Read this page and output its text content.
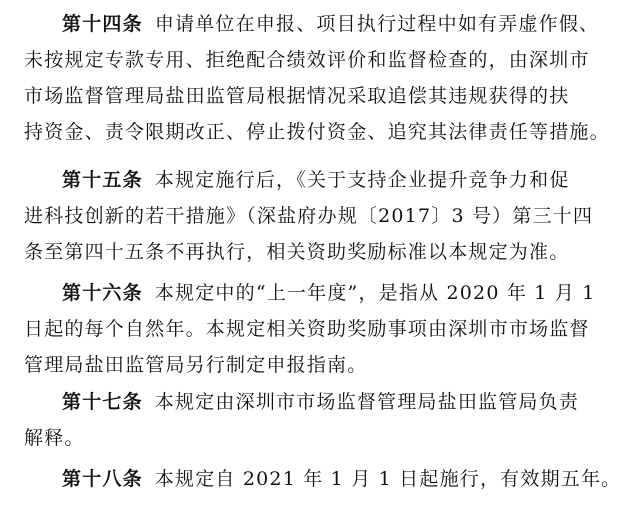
第十四条 申请单位在申报、项目执行过程中如有弄虚作假、
未按规定专款专用、拒绝配合绩效评价和监督检查的，由深圳市
市场监督管理局盐田监管局根据情况采取追偿其违规获得的扶
持资金、责令限期改正、停止拨付资金、追究其法律责任等措施。
第十五条 本规定施行后，《关于支持企业提升竞争力和促
进科技创新的若干措施》（深盐府办规〔2017〕3 号）第三十四
条至第四十五条不再执行，相关资助奖励标准以本规定为准。
第十六条 本规定中的“上一年度”，是指从 2020 年 1 月 1
日起的每个自然年。本规定相关资助奖励事项由深圳市市场监督
管理局盐田监管局另行制定申报指南。
第十七条 本规定由深圳市市场监督管理局盐田监管局负责
解释。
第十八条 本规定自 2021 年 1 月 1 日起施行，有效期五年。
